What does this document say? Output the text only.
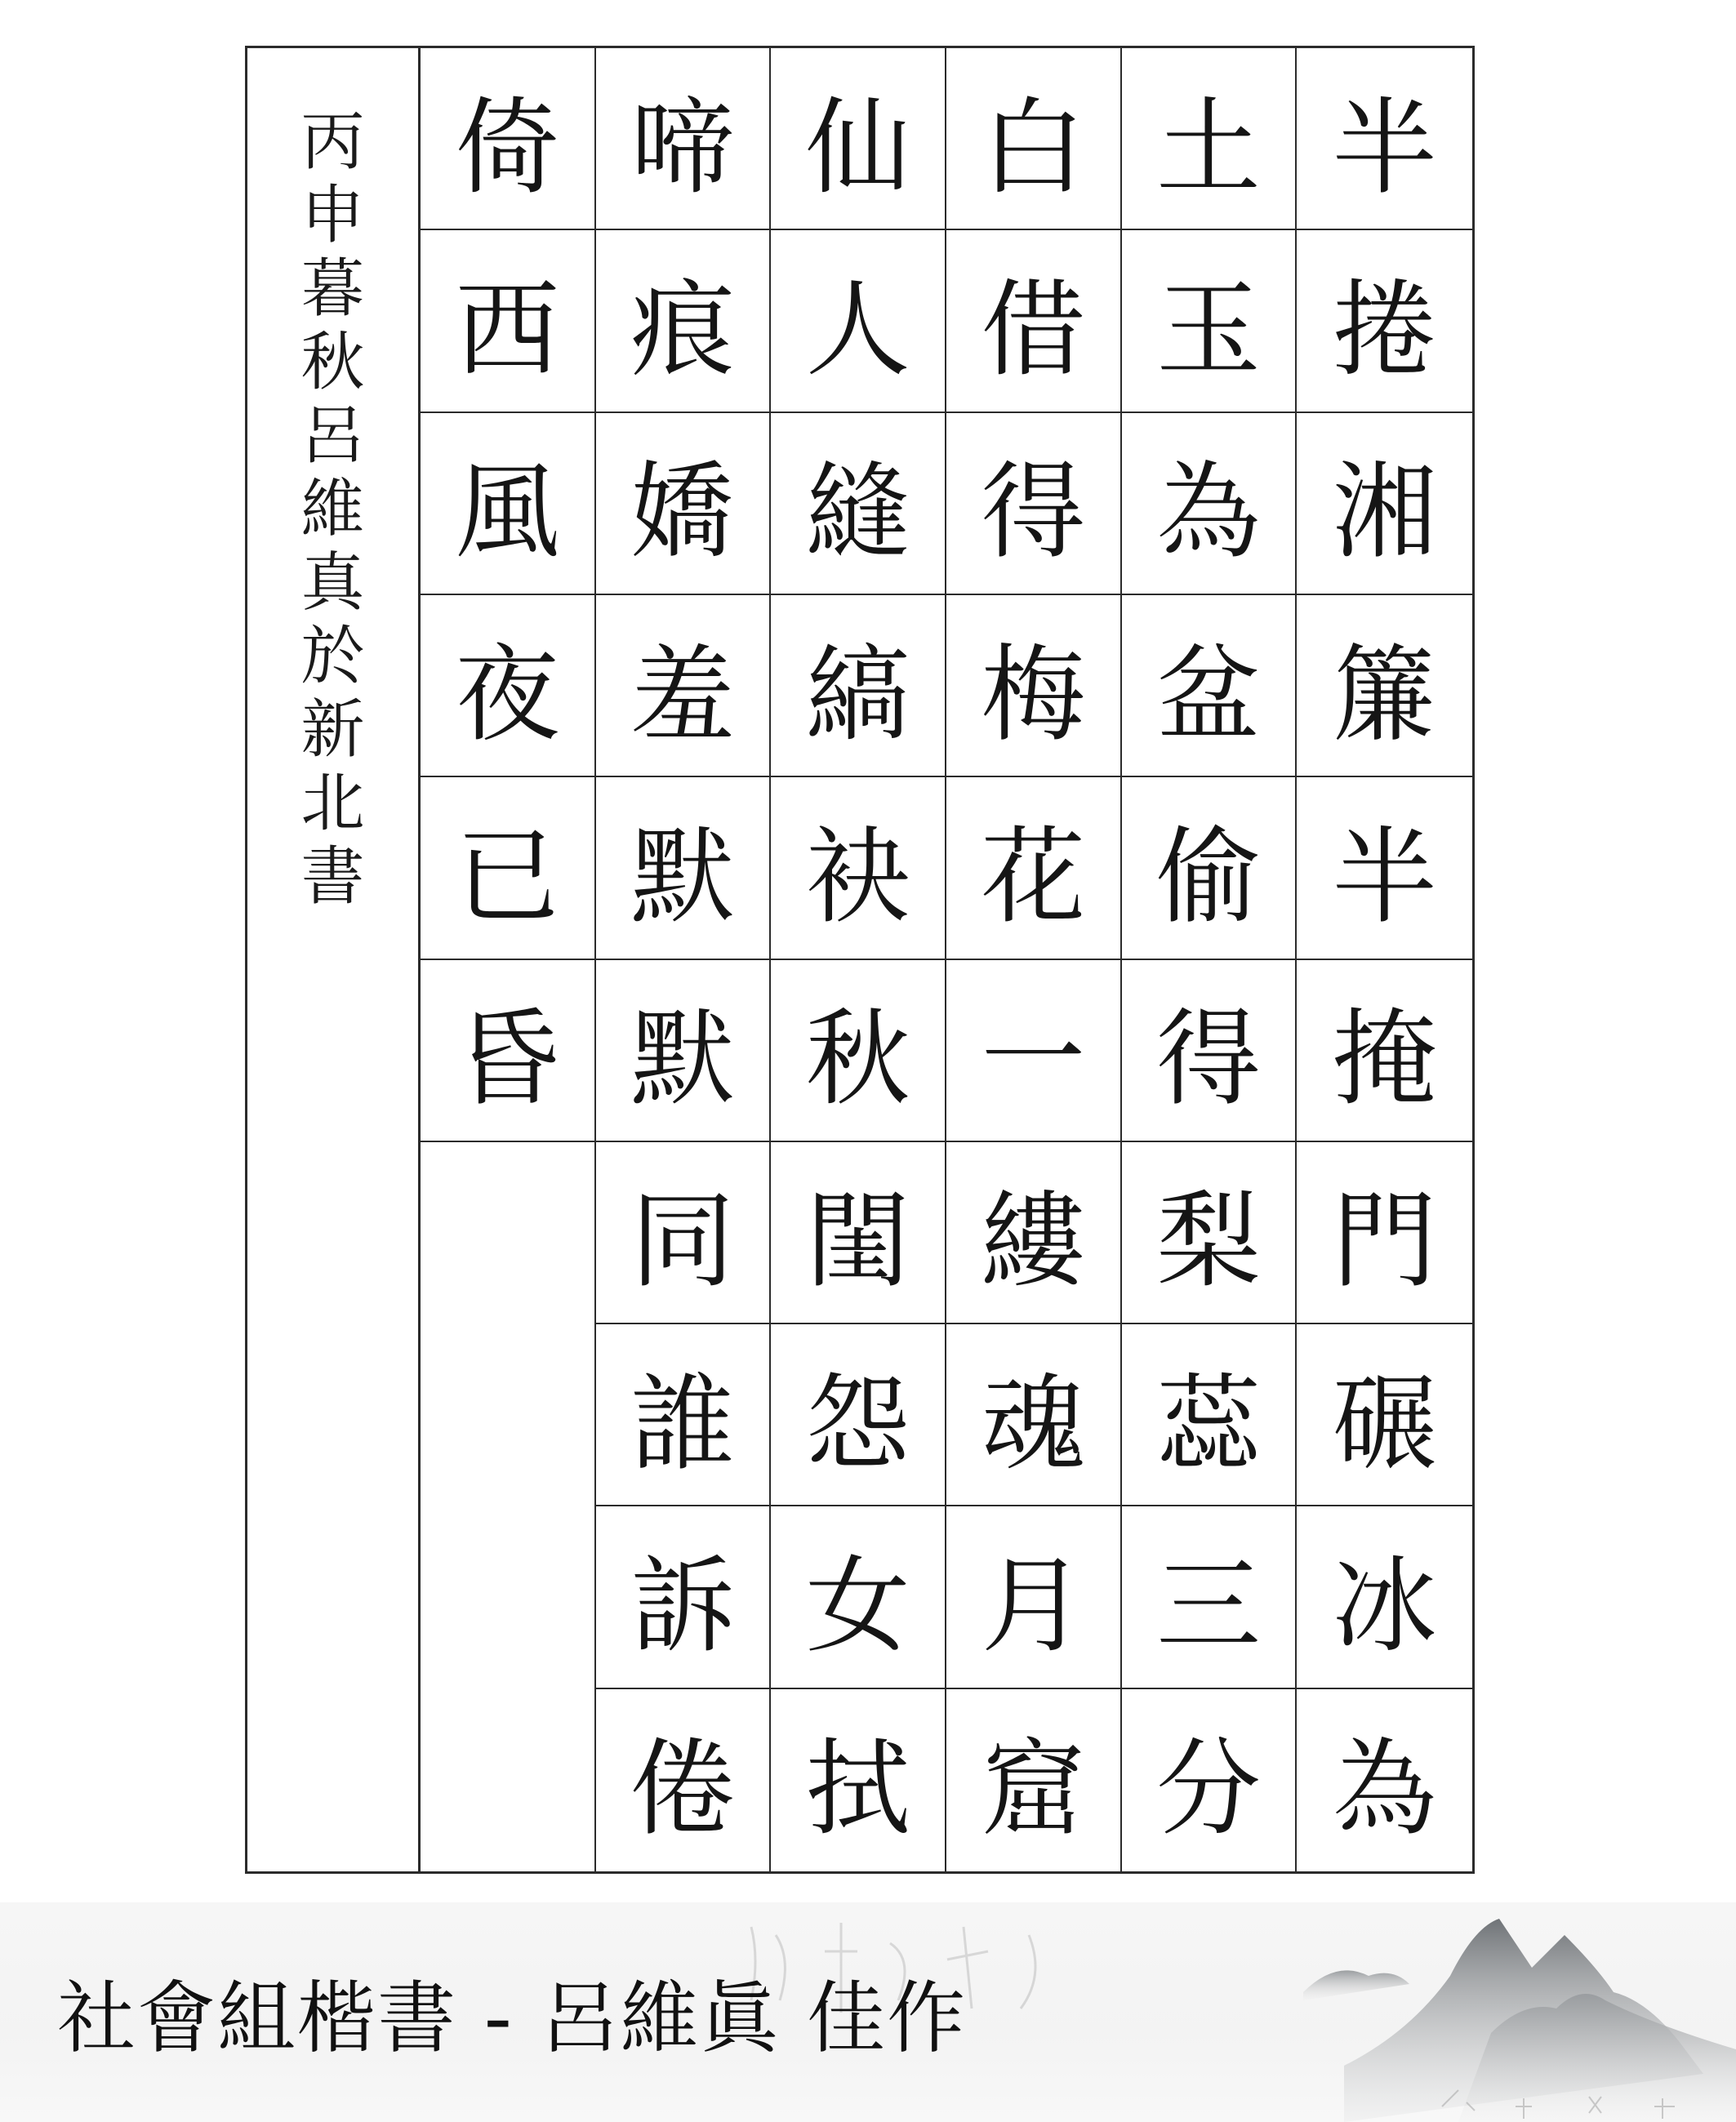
丙
申
暮
秋
呂
維
真
於
新
北
書
倚 啼 仙 白 土 半
西 痕 人 借 玉 捲
風 嬌 縫 得 為 湘
夜 羞 縞 梅 盆 簾
已 默 袂 花 偷 半
昏 默 秋 一 得 掩
同 閨 縷 梨 門
誰 怨 魂 蕊 碾
訴 女 月 三 冰
倦 拭 窟 分 為
社會組楷書 - 呂維眞 佳作
